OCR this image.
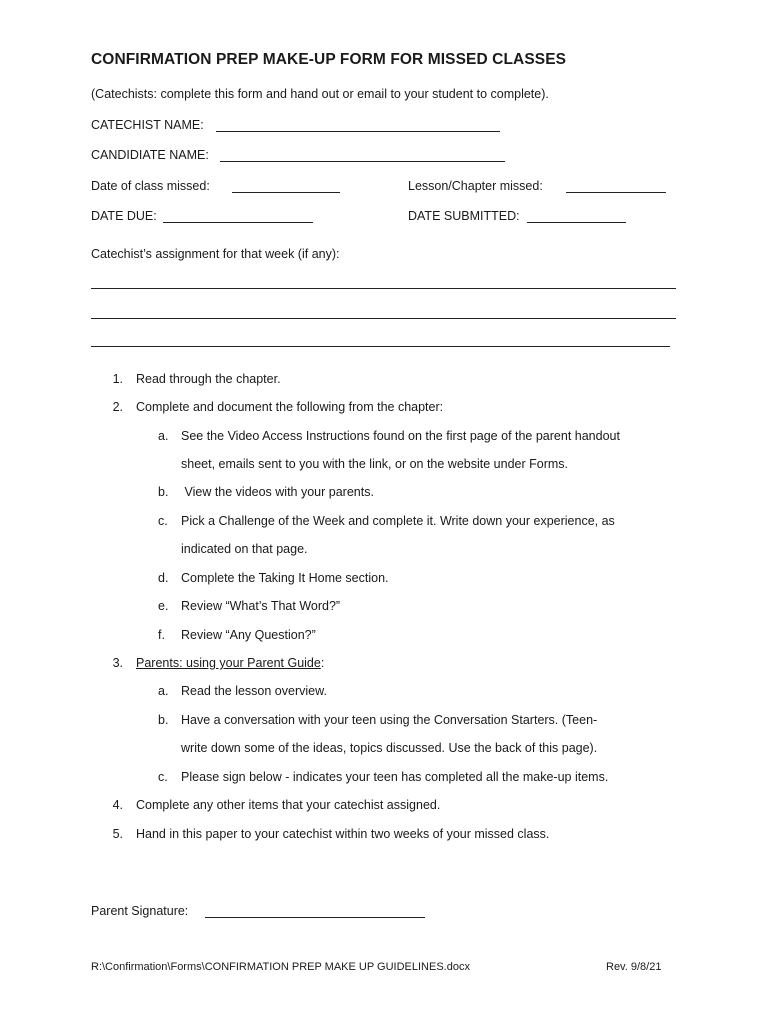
CONFIRMATION PREP MAKE-UP FORM FOR MISSED CLASSES
(Catechists: complete this form and hand out or email to your student to complete).
CATECHIST NAME:
CANDIDIATE NAME:
Date of class missed:	Lesson/Chapter missed:
DATE DUE:	DATE SUBMITTED:
Catechist’s assignment for that week (if any):
1. Read through the chapter.
2. Complete and document the following from the chapter:
a. See the Video Access Instructions found on the first page of the parent handout
sheet, emails sent to you with the link, or on the website under Forms.
b. View the videos with your parents.
c. Pick a Challenge of the Week and complete it. Write down your experience, as
indicated on that page.
d. Complete the Taking It Home section.
e. Review “What’s That Word?”
f. Review “Any Question?”
3. Parents: using your Parent Guide:
a. Read the lesson overview.
b. Have a conversation with your teen using the Conversation Starters. (Teen-
write down some of the ideas, topics discussed. Use the back of this page).
c. Please sign below - indicates your teen has completed all the make-up items.
4. Complete any other items that your catechist assigned.
5. Hand in this paper to your catechist within two weeks of your missed class.
Parent Signature:
R:\Confirmation\Forms\CONFIRMATION PREP MAKE UP GUIDELINES.docx	Rev. 9/8/21
